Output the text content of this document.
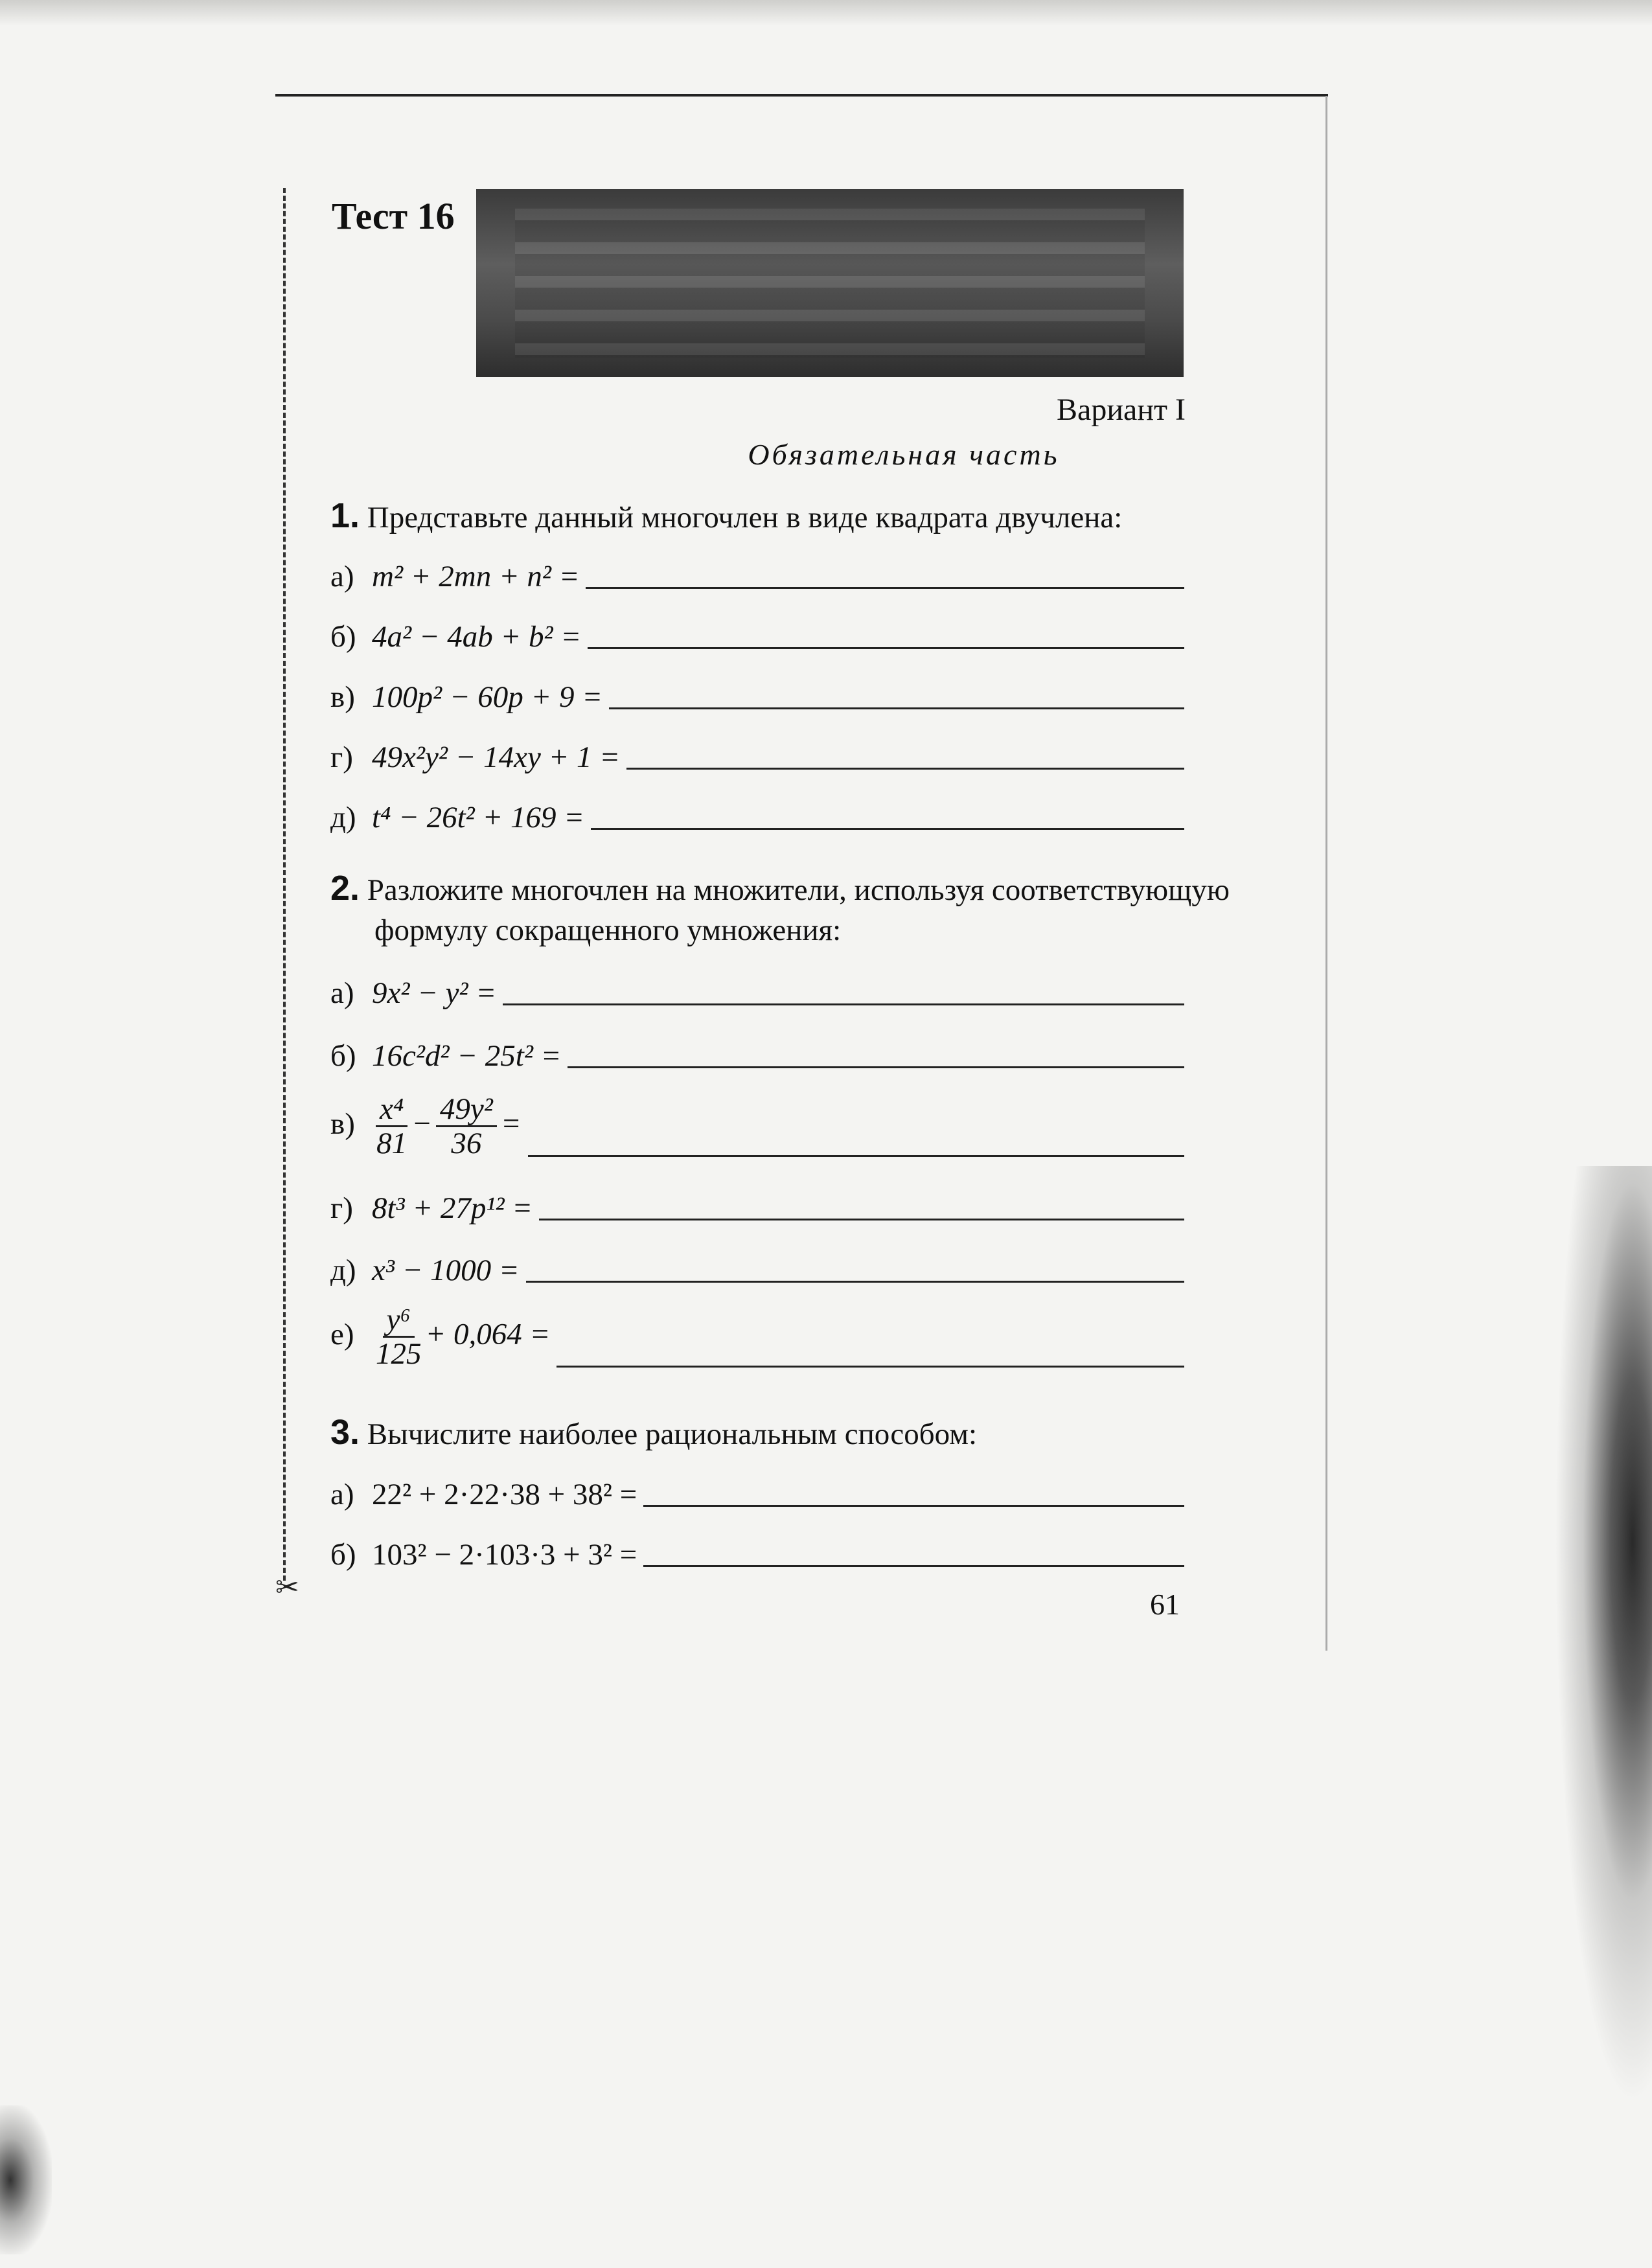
✂
Тест 16
Вариант I
Обязательная часть
1. Представьте данный многочлен в виде квадрата двучлена:
а) m² + 2mn + n² =
б) 4a² − 4ab + b² =
в) 100p² − 60p + 9 =
г) 49x²y² − 14xy + 1 =
д) t⁴ − 26t² + 169 =
2. Разложите многочлен на множители, используя соответствующую формулу сокращенного умножения:
а) 9x² − y² =
б) 16c²d² − 25t² =
$в) \frac{\text{x⁴}}{81} - \frac{\text{49y²}}{36}$ =
г) 8t³ + 27p¹² =
д) x³ − 1000 =
$е) \frac{\text{y⁶}}{125} + 0,064$ =
3. Вычислите наиболее рациональным способом:
а) 22² + 2·22·38 + 38² =
б) 103² − 2·103·3 + 3² =
61
